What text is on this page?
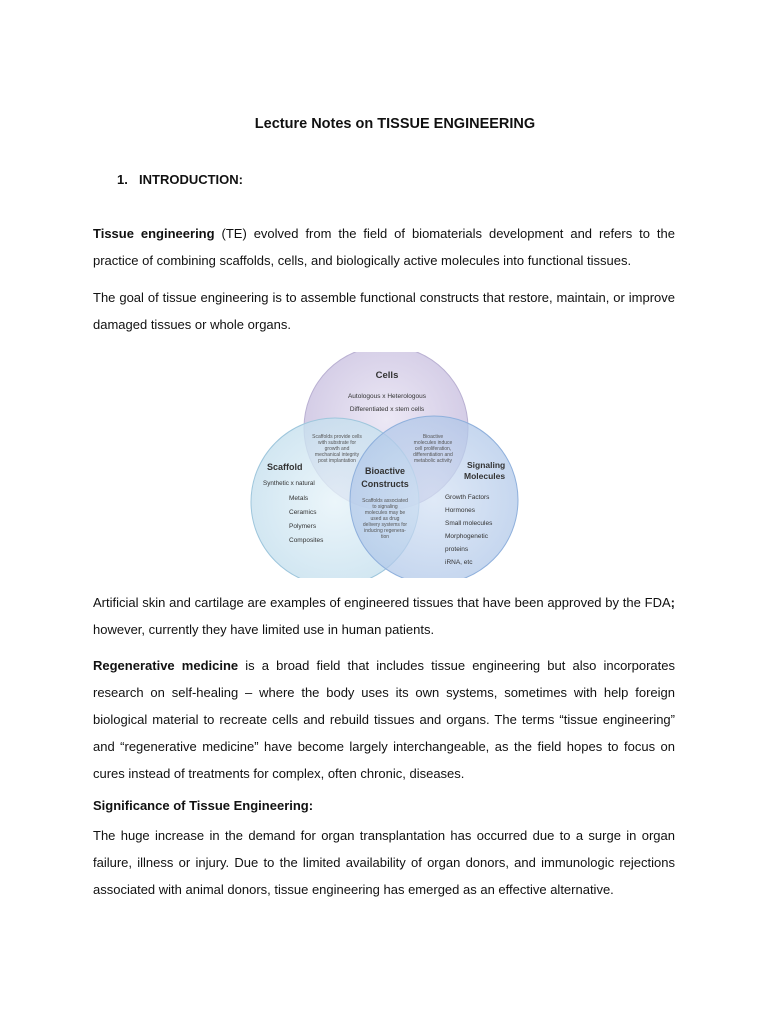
Lecture Notes on TISSUE ENGINEERING
1. INTRODUCTION:

Tissue engineering (TE) evolved from the field of biomaterials development and refers to the practice of combining scaffolds, cells, and biologically active molecules into functional tissues.

The goal of tissue engineering is to assemble functional constructs that restore, maintain, or improve damaged tissues or whole organs.

Cells
Autologous x Heterologous
Differentiated x stem cells
Scaffolds provide cells
with substrate for
growth and
mechanical integrity
post implantation
Bioactive
molecules induce
cell proliferation,
differentiation and
metabolic activity
Bioactive
Constructs
Scaffolds associated
to signaling
molecules may be
used as drug
delivery systems for
inducing regenera-
tion
Scaffold
Synthetic x natural
Metals
Ceramics
Polymers
Composites
Signaling
Molecules
Growth Factors
Hormones
Small molecules
Morphogenetic
proteins
iRNA, etc

Artificial skin and cartilage are examples of engineered tissues that have been approved by the FDA; however, currently they have limited use in human patients.

Regenerative medicine is a broad field that includes tissue engineering but also incorporates research on self-healing – where the body uses its own systems, sometimes with help foreign biological material to recreate cells and rebuild tissues and organs. The terms “tissue engineering” and “regenerative medicine” have become largely interchangeable, as the field hopes to focus on cures instead of treatments for complex, often chronic, diseases.

Significance of Tissue Engineering:

The huge increase in the demand for organ transplantation has occurred due to a surge in organ failure, illness or injury. Due to the limited availability of organ donors, and immunologic rejections associated with animal donors, tissue engineering has emerged as an effective alternative.
